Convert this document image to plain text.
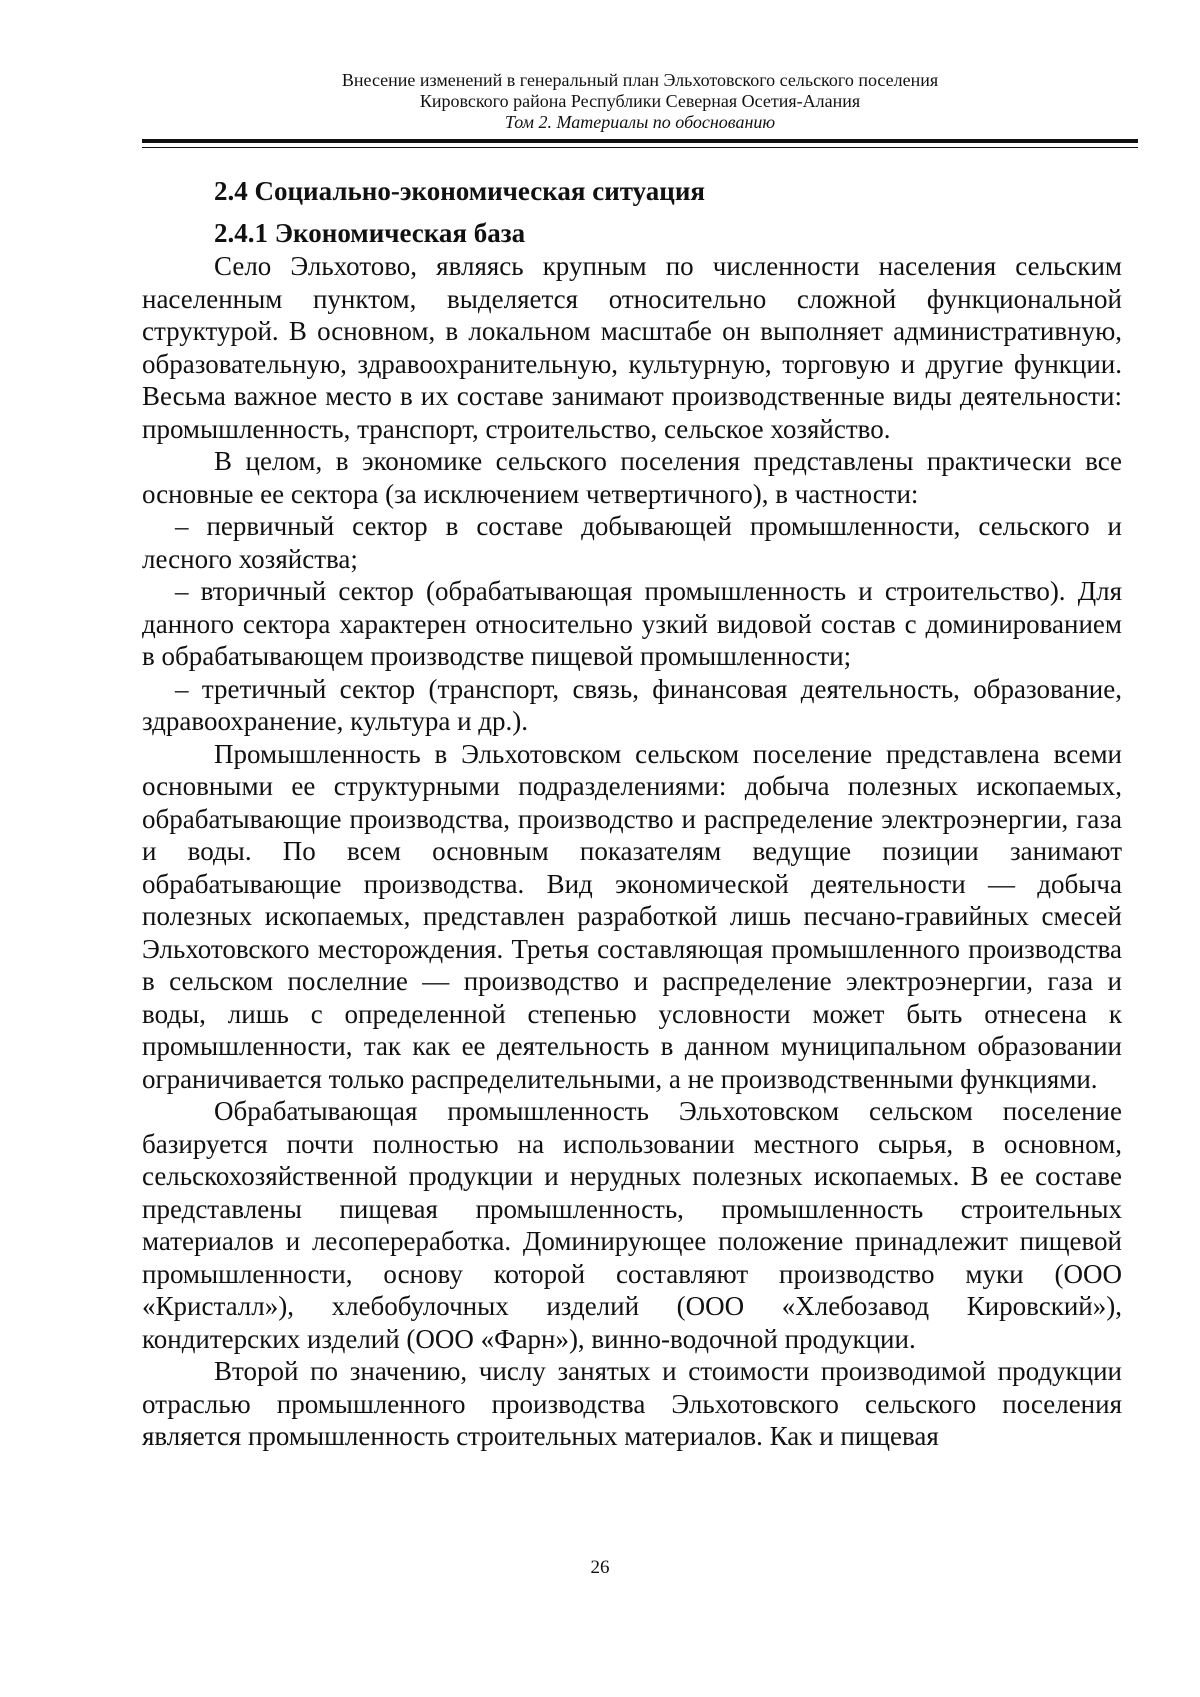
Внесение изменений в генеральный план Эльхотовского сельского поселения
Кировского района Республики Северная Осетия-Алания
Том 2. Материалы по обоснованию
2.4 Социально-экономическая ситуация
2.4.1 Экономическая база

Село Эльхотово, являясь крупным по численности населения сельским населенным пунктом, выделяется относительно сложной функциональной структурой. В основном, в локальном масштабе он выполняет административную, образовательную, здравоохранительную, культурную, торговую и другие функции. Весьма важное место в их составе занимают производственные виды деятельности: промышленность, транспорт, строительство, сельское хозяйство.

В целом, в экономике сельского поселения представлены практически все основные ее сектора (за исключением четвертичного), в частности:

– первичный сектор в составе добывающей промышленности, сельского и лесного хозяйства;

– вторичный сектор (обрабатывающая промышленность и строительство). Для данного сектора характерен относительно узкий видовой состав с доминированием в обрабатывающем производстве пищевой промышленности;

– третичный сектор (транспорт, связь, финансовая деятельность, образование, здравоохранение, культура и др.).

Промышленность в Эльхотовском сельском поселение представлена всеми основными ее структурными подразделениями: добыча полезных ископаемых, обрабатывающие производства, производство и распределение электроэнергии, газа и воды. По всем основным показателям ведущие позиции занимают обрабатывающие производства. Вид экономической деятельности — добыча полезных ископаемых, представлен разработкой лишь песчано-гравийных смесей Эльхотовского месторождения. Третья составляющая промышленного производства в сельском послелние — производство и распределение электроэнергии, газа и воды, лишь с определенной степенью условности может быть отнесена к промышленности, так как ее деятельность в данном муниципальном образовании ограничивается только распределительными, а не производственными функциями.

Обрабатывающая промышленность Эльхотовском сельском поселение базируется почти полностью на использовании местного сырья, в основном, сельскохозяйственной продукции и нерудных полезных ископаемых. В ее составе представлены пищевая промышленность, промышленность строительных материалов и лесопереработка. Доминирующее положение принадлежит пищевой промышленности, основу которой составляют производство муки (ООО «Кристалл»), хлебобулочных изделий (ООО «Хлебозавод Кировский»), кондитерских изделий (ООО «Фарн»), винно-водочной продукции.

Второй по значению, числу занятых и стоимости производимой продукции отраслью промышленного производства Эльхотовского сельского поселения является промышленность строительных материалов. Как и пищевая

26
